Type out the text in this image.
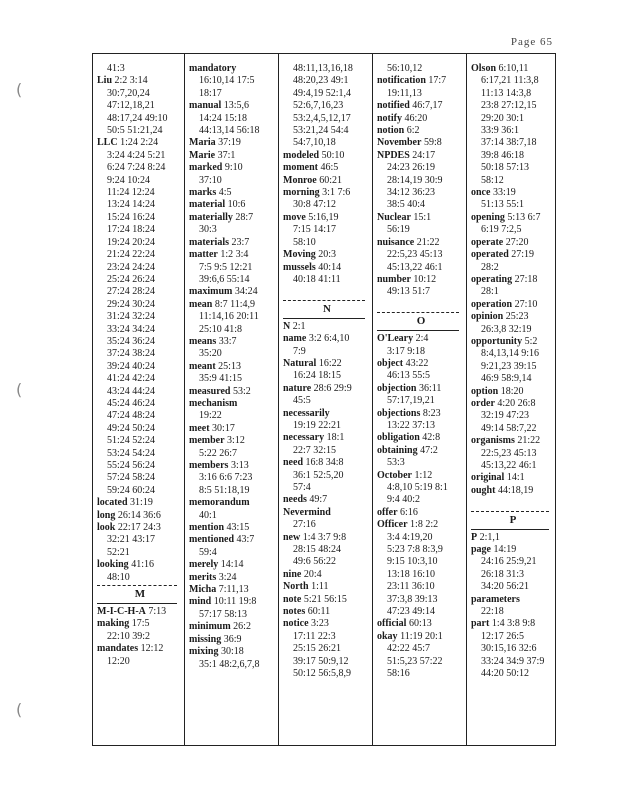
Page 65
(
(
(
41:3
Liu 2:2 3:14
30:7,20,24
47:12,18,21
48:17,24 49:10
50:5 51:21,24
LLC 1:24 2:24
3:24 4:24 5:21
6:24 7:24 8:24
9:24 10:24
11:24 12:24
13:24 14:24
15:24 16:24
17:24 18:24
19:24 20:24
21:24 22:24
23:24 24:24
25:24 26:24
27:24 28:24
29:24 30:24
31:24 32:24
33:24 34:24
35:24 36:24
37:24 38:24
39:24 40:24
41:24 42:24
43:24 44:24
45:24 46:24
47:24 48:24
49:24 50:24
51:24 52:24
53:24 54:24
55:24 56:24
57:24 58:24
59:24 60:24
located 31:19
long 26:14 36:6
look 22:17 24:3
32:21 43:17
52:21
looking 41:16
48:10
M
M-I-C-H-A 7:13
making 17:5
22:10 39:2
mandates 12:12
12:20
mandatory
16:10,14 17:5
18:17
manual 13:5,6
14:24 15:18
44:13,14 56:18
Maria 37:19
Marie 37:1
marked 9:10
37:10
marks 4:5
material 10:6
materially 28:7
30:3
materials 23:7
matter 1:2 3:4
7:5 9:5 12:21
39:6,6 55:14
maximum 34:24
mean 8:7 11:4,9
11:14,16 20:11
25:10 41:8
means 33:7
35:20
meant 25:13
35:9 41:15
measured 53:2
mechanism
19:22
meet 30:17
member 3:12
5:22 26:7
members 3:13
3:16 6:6 7:23
8:5 51:18,19
memorandum
40:1
mention 43:15
mentioned 43:7
59:4
merely 14:14
merits 3:24
Micha 7:11,13
mind 10:11 19:8
57:17 58:13
minimum 26:2
missing 36:9
mixing 30:18
35:1 48:2,6,7,8
48:11,13,16,18
48:20,23 49:1
49:4,19 52:1,4
52:6,7,16,23
53:2,4,5,12,17
53:21,24 54:4
54:7,10,18
modeled 50:10
moment 46:5
Monroe 60:21
morning 3:1 7:6
30:8 47:12
move 5:16,19
7:15 14:17
58:10
Moving 20:3
mussels 40:14
40:18 41:11

N
N 2:1
name 3:2 6:4,10
7:9
Natural 16:22
16:24 18:15
nature 28:6 29:9
45:5
necessarily
19:19 22:21
necessary 18:1
22:7 32:15
need 16:8 34:8
36:1 52:5,20
57:4
needs 49:7
Nevermind
27:16
new 1:4 3:7 9:8
28:15 48:24
49:6 56:22
nine 20:4
North 1:11
note 5:21 56:15
notes 60:11
notice 3:23
17:11 22:3
25:15 26:21
39:17 50:9,12
50:12 56:5,8,9
56:10,12
notification 17:7
19:11,13
notified 46:7,17
notify 46:20
notion 6:2
November 59:8
NPDES 24:17
24:23 26:19
28:14,19 30:9
34:12 36:23
38:5 40:4
Nuclear 15:1
56:19
nuisance 21:22
22:5,23 45:13
45:13,22 46:1
number 10:12
49:13 51:7

O
O'Leary 2:4
3:17 9:18
object 43:22
46:13 55:5
objection 36:11
57:17,19,21
objections 8:23
13:22 37:13
obligation 42:8
obtaining 47:2
53:3
October 1:12
4:8,10 5:19 8:1
9:4 40:2
offer 6:16
Officer 1:8 2:2
3:4 4:19,20
5:23 7:8 8:3,9
9:15 10:3,10
13:18 16:10
23:11 36:10
37:3,8 39:13
47:23 49:14
official 60:13
okay 11:19 20:1
42:22 45:7
51:5,23 57:22
58:16
Olson 6:10,11
6:17,21 11:3,8
11:13 14:3,8
23:8 27:12,15
29:20 30:1
33:9 36:1
37:14 38:7,18
39:8 46:18
50:18 57:13
58:12
once 33:19
51:13 55:1
opening 5:13 6:7
6:19 7:2,5
operate 27:20
operated 27:19
28:2
operating 27:18
28:1
operation 27:10
opinion 25:23
26:3,8 32:19
opportunity 5:2
8:4,13,14 9:16
9:21,23 39:15
46:9 58:9,14
option 18:20
order 4:20 26:8
32:19 47:23
49:14 58:7,22
organisms 21:22
22:5,23 45:13
45:13,22 46:1
original 14:1
ought 44:18,19

P
P 2:1,1
page 14:19
24:16 25:9,21
26:18 31:3
34:20 56:21
parameters
22:18
part 1:4 3:8 9:8
12:17 26:5
30:15,16 32:6
33:24 34:9 37:9
44:20 50:12
